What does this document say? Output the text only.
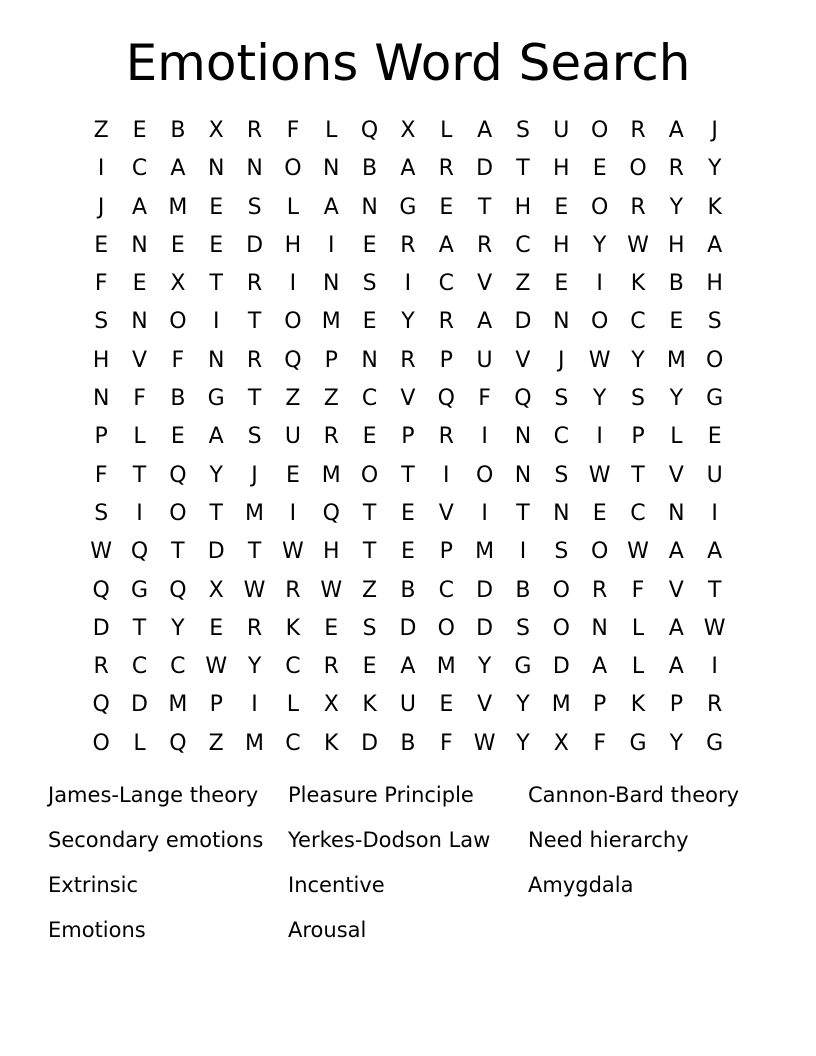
Emotions Word Search
Z	E	B	X	R	F	L	Q	X	L	A	S	U O	R	A	J
I	C	A	N N O N	B	A	R	D	T	H	E	O	R	Y
J	A M E	S	L	A	N G	E	T	H	E	O	R	Y	K
E	N	E	E	D H	I	E	R	A	R	C	H	Y W H	A
F	E	X	T	R	I	N	S	I	C	V	Z	E	I	K	B	H
S	N O	I	T	O M E	Y	R	A	D N O	C	E	S
H	V	F	N	R	Q	P	N	R	P	U	V	J	W Y	M O
N	F	B	G	T	Z	Z	C	V	Q	F	Q	S	Y	S	Y	G
P	L	E	A	S	U	R	E	P	R	I	N	C	I	P	L	E
F	T	Q	Y	J	E M O	T	I	O N	S W T	V	U
S	I	O	T	M	I	Q	T	E	V	I	T	N	E	C	N	I
W Q	T	D	T W H	T	E	P	M	I	S	O W A	A
Q G Q	X W R W Z	B	C	D	B	O	R	F	V	T
D	T	Y	E	R	K	E	S	D O D	S	O N	L	A W
R	C	C W Y	C	R	E	A M	Y	G D	A	L	A	I
Q D M	P	I	L	X	K	U	E	V	Y	M	P	K	P	R
O	L	Q	Z M C	K	D	B	F W Y	X	F	G	Y	G
James-Lange theory	Pleasure Principle	Cannon-Bard theory
Secondary emotions	Yerkes-Dodson Law	Need hierarchy
Extrinsic	Incentive	Amygdala
Emotions	Arousal
